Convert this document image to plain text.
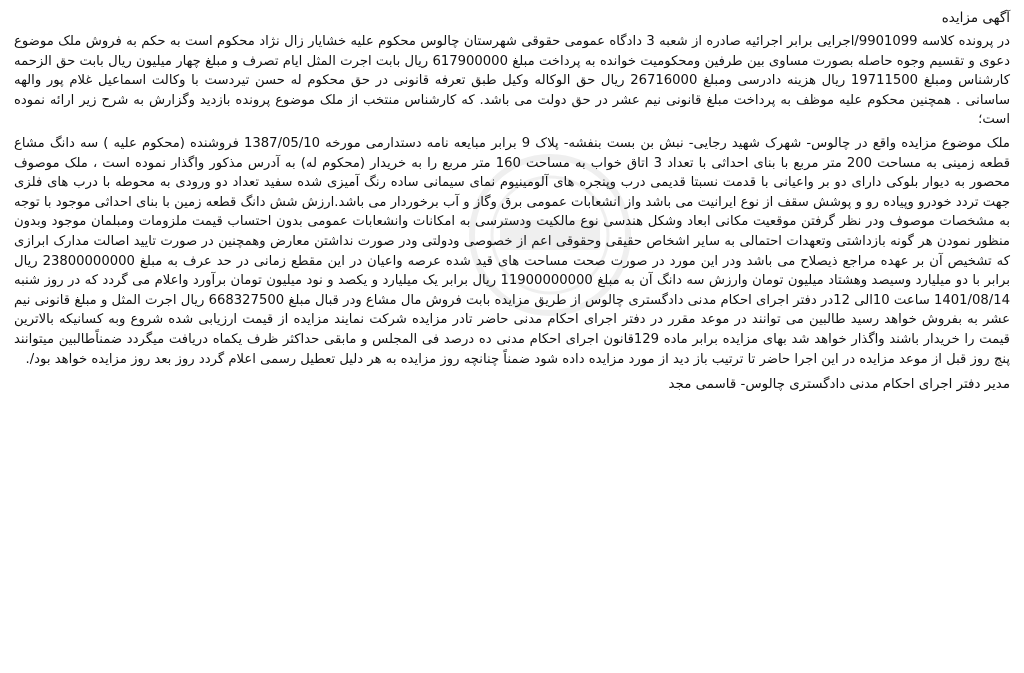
آگهی مزایده

در پرونده کلاسه 9901099/اجرایی برابر اجرائیه صادره از شعبه 3 دادگاه عمومی حقوقی شهرستان چالوس محکوم علیه خشایار زال نژاد محکوم است به حکم به فروش ملک موضوع دعوی و تقسیم وجوه حاصله بصورت مساوی بین طرفین ومحکومیت خوانده به پرداخت مبلغ 617900000 ریال بابت اجرت المثل ایام تصرف و مبلغ چهار میلیون ریال بابت حق الزحمه کارشناس ومبلغ 19711500 ریال هزینه دادرسی ومبلغ 26716000 ریال حق الوکاله وکیل طبق تعرفه قانونی در حق محکوم له حسن تیردست با وکالت اسماعیل غلام پور والهه ساسانی . همچنین محکوم علیه موظف به پرداخت مبلغ قانونی نیم عشر در حق دولت می باشد. که کارشناس منتخب از ملک موضوع پرونده بازدید وگزارش به شرح زیر ارائه نموده است؛

ملک موضوع مزایده واقع در چالوس- شهرک شهید رجایی- نبش بن بست بنفشه- پلاک 9 برابر مبایعه نامه دستدارمی مورخه 1387/05/10 فروشنده (محکوم علیه ) سه دانگ مشاع قطعه زمینی به مساحت 200 متر مربع با بنای احداثی با تعداد 3 اتاق خواب به مساحت 160 متر مربع را به خریدار (محکوم له) به آدرس مذکور واگذار نموده است ، ملک موصوف محصور به دیوار بلوکی دارای دو بر واعیانی با قدمت نسبتا قدیمی درب وپنجره های آلومینیوم نمای سیمانی ساده رنگ آمیزی شده سفید تعداد دو ورودی به محوطه با درب های فلزی جهت تردد خودرو وپیاده رو و پوشش سقف از نوع ایرانیت می باشد واز انشعابات عمومی برق وگاز و آب برخوردار می باشد.ارزش شش دانگ قطعه زمین با بنای احداثی موجود با توجه به مشخصات موصوف ودر نظر گرفتن موقعیت مکانی ابعاد وشکل هندسی نوع مالکیت ودسترسی به امکانات وانشعابات عمومی بدون احتساب قیمت ملزومات ومبلمان موجود وبدون منظور نمودن هر گونه بازداشتی وتعهدات احتمالی به سایر اشخاص حقیقی وحقوقی اعم از خصوصی ودولتی ودر صورت نداشتن معارض وهمچنین در صورت تایید اصالت مدارک ابرازی که تشخیص آن بر عهده مراجع ذیصلاح می باشد ودر این مورد در صورت صحت مساحت های قید شده عرصه واعیان در این مقطع زمانی در حد عرف به مبلغ 23800000000 ریال برابر با دو میلیارد وسیصد وهشتاد میلیون تومان وارزش سه دانگ آن به مبلغ 11900000000 ریال برابر یک میلیارد و یکصد و نود میلیون تومان برآورد واعلام می گردد که در روز شنبه 1401/08/14 ساعت 10الی 12در دفتر اجرای احکام مدنی دادگستری چالوس از طریق مزایده بابت فروش مال مشاع ودر قبال مبلغ 668327500 ریال اجرت المثل و مبلغ قانونی نیم عشر به بفروش خواهد رسید طالبین می توانند در موعد مقرر در دفتر اجرای احکام مدنی حاضر تادر مزایده شرکت نمایند مزایده از قیمت ارزیابی شده شروع وبه کسانیکه بالاترین قیمت را خریدار باشند واگذار خواهد شد بهای مزایده برابر ماده 129قانون اجرای احکام مدنی ده درصد فی المجلس و مابقی حداکثر ظرف یکماه دریافت میگردد ضمناًطالبین میتوانند پنج روز قبل از موعد مزایده در این اجرا حاضر تا ترتیب باز دید از مورد مزایده داده شود ضمناً چنانچه روز مزایده به هر دلیل تعطیل رسمی اعلام گردد روز بعد روز مزایده خواهد بود/.

مدیر دفتر اجرای احکام مدنی دادگستری چالوس- قاسمی مجد
